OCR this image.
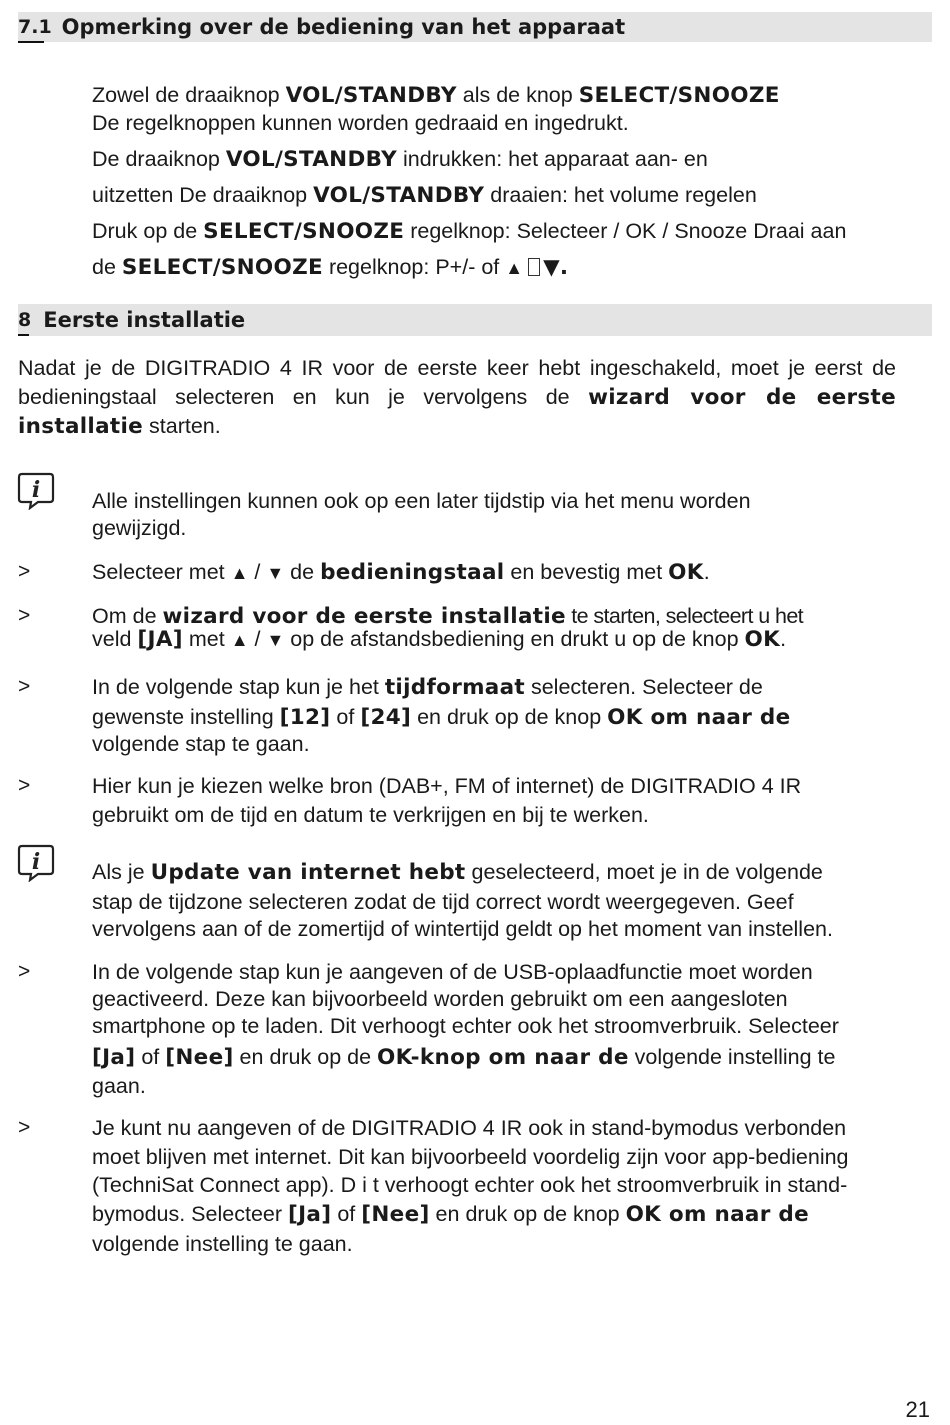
7.1 Opmerking over de bediening van het apparaat
Zowel de draaiknop VOL/STANDBY als de knop SELECT/SNOOZE
De regelknoppen kunnen worden gedraaid en ingedrukt.
De draaiknop VOL/STANDBY indrukken: het apparaat aan- en
uitzetten De draaiknop VOL/STANDBY draaien: het volume regelen
Druk op de SELECT/SNOOZE regelknop: Selecteer / OK / Snooze Draai aan
de SELECT/SNOOZE regelknop: P+/- of ▲ ▼.
8 Eerste installatie
Nadat je de DIGITRADIO 4 IR voor de eerste keer hebt ingeschakeld, moet je eerst de bedieningstaal selecteren en kun je vervolgens de wizard voor de eerste installatie starten.
i Alle instellingen kunnen ook op een later tijdstip via het menu worden
gewijzigd.
>	Selecteer met ▲ / ▼ de bedieningstaal en bevestig met OK.
>	Om de wizard voor de eerste installatie te starten, selecteert u het
veld [JA] met ▲ / ▼ op de afstandsbediening en drukt u op de knop OK.
>	In de volgende stap kun je het tijdformaat selecteren. Selecteer de
gewenste instelling [12] of [24] en druk op de knop OK om naar de
volgende stap te gaan.
>	Hier kun je kiezen welke bron (DAB+, FM of internet) de DIGITRADIO 4 IR
gebruikt om de tijd en datum te verkrijgen en bij te werken.
i Als je Update van internet hebt geselecteerd, moet je in de volgende
stap de tijdzone selecteren zodat de tijd correct wordt weergegeven. Geef
vervolgens aan of de zomertijd of wintertijd geldt op het moment van instellen.
>	In de volgende stap kun je aangeven of de USB-oplaadfunctie moet worden
geactiveerd. Deze kan bijvoorbeeld worden gebruikt om een aangesloten
smartphone op te laden. Dit verhoogt echter ook het stroomverbruik. Selecteer
[Ja] of [Nee] en druk op de OK-knop om naar de volgende instelling te
gaan.
>	Je kunt nu aangeven of de DIGITRADIO 4 IR ook in stand-bymodus verbonden
moet blijven met internet. Dit kan bijvoorbeeld voordelig zijn voor app-bediening
(TechniSat Connect app). D i t verhoogt echter ook het stroomverbruik in stand-
bymodus. Selecteer [Ja] of [Nee] en druk op de knop OK om naar de
volgende instelling te gaan.
21
